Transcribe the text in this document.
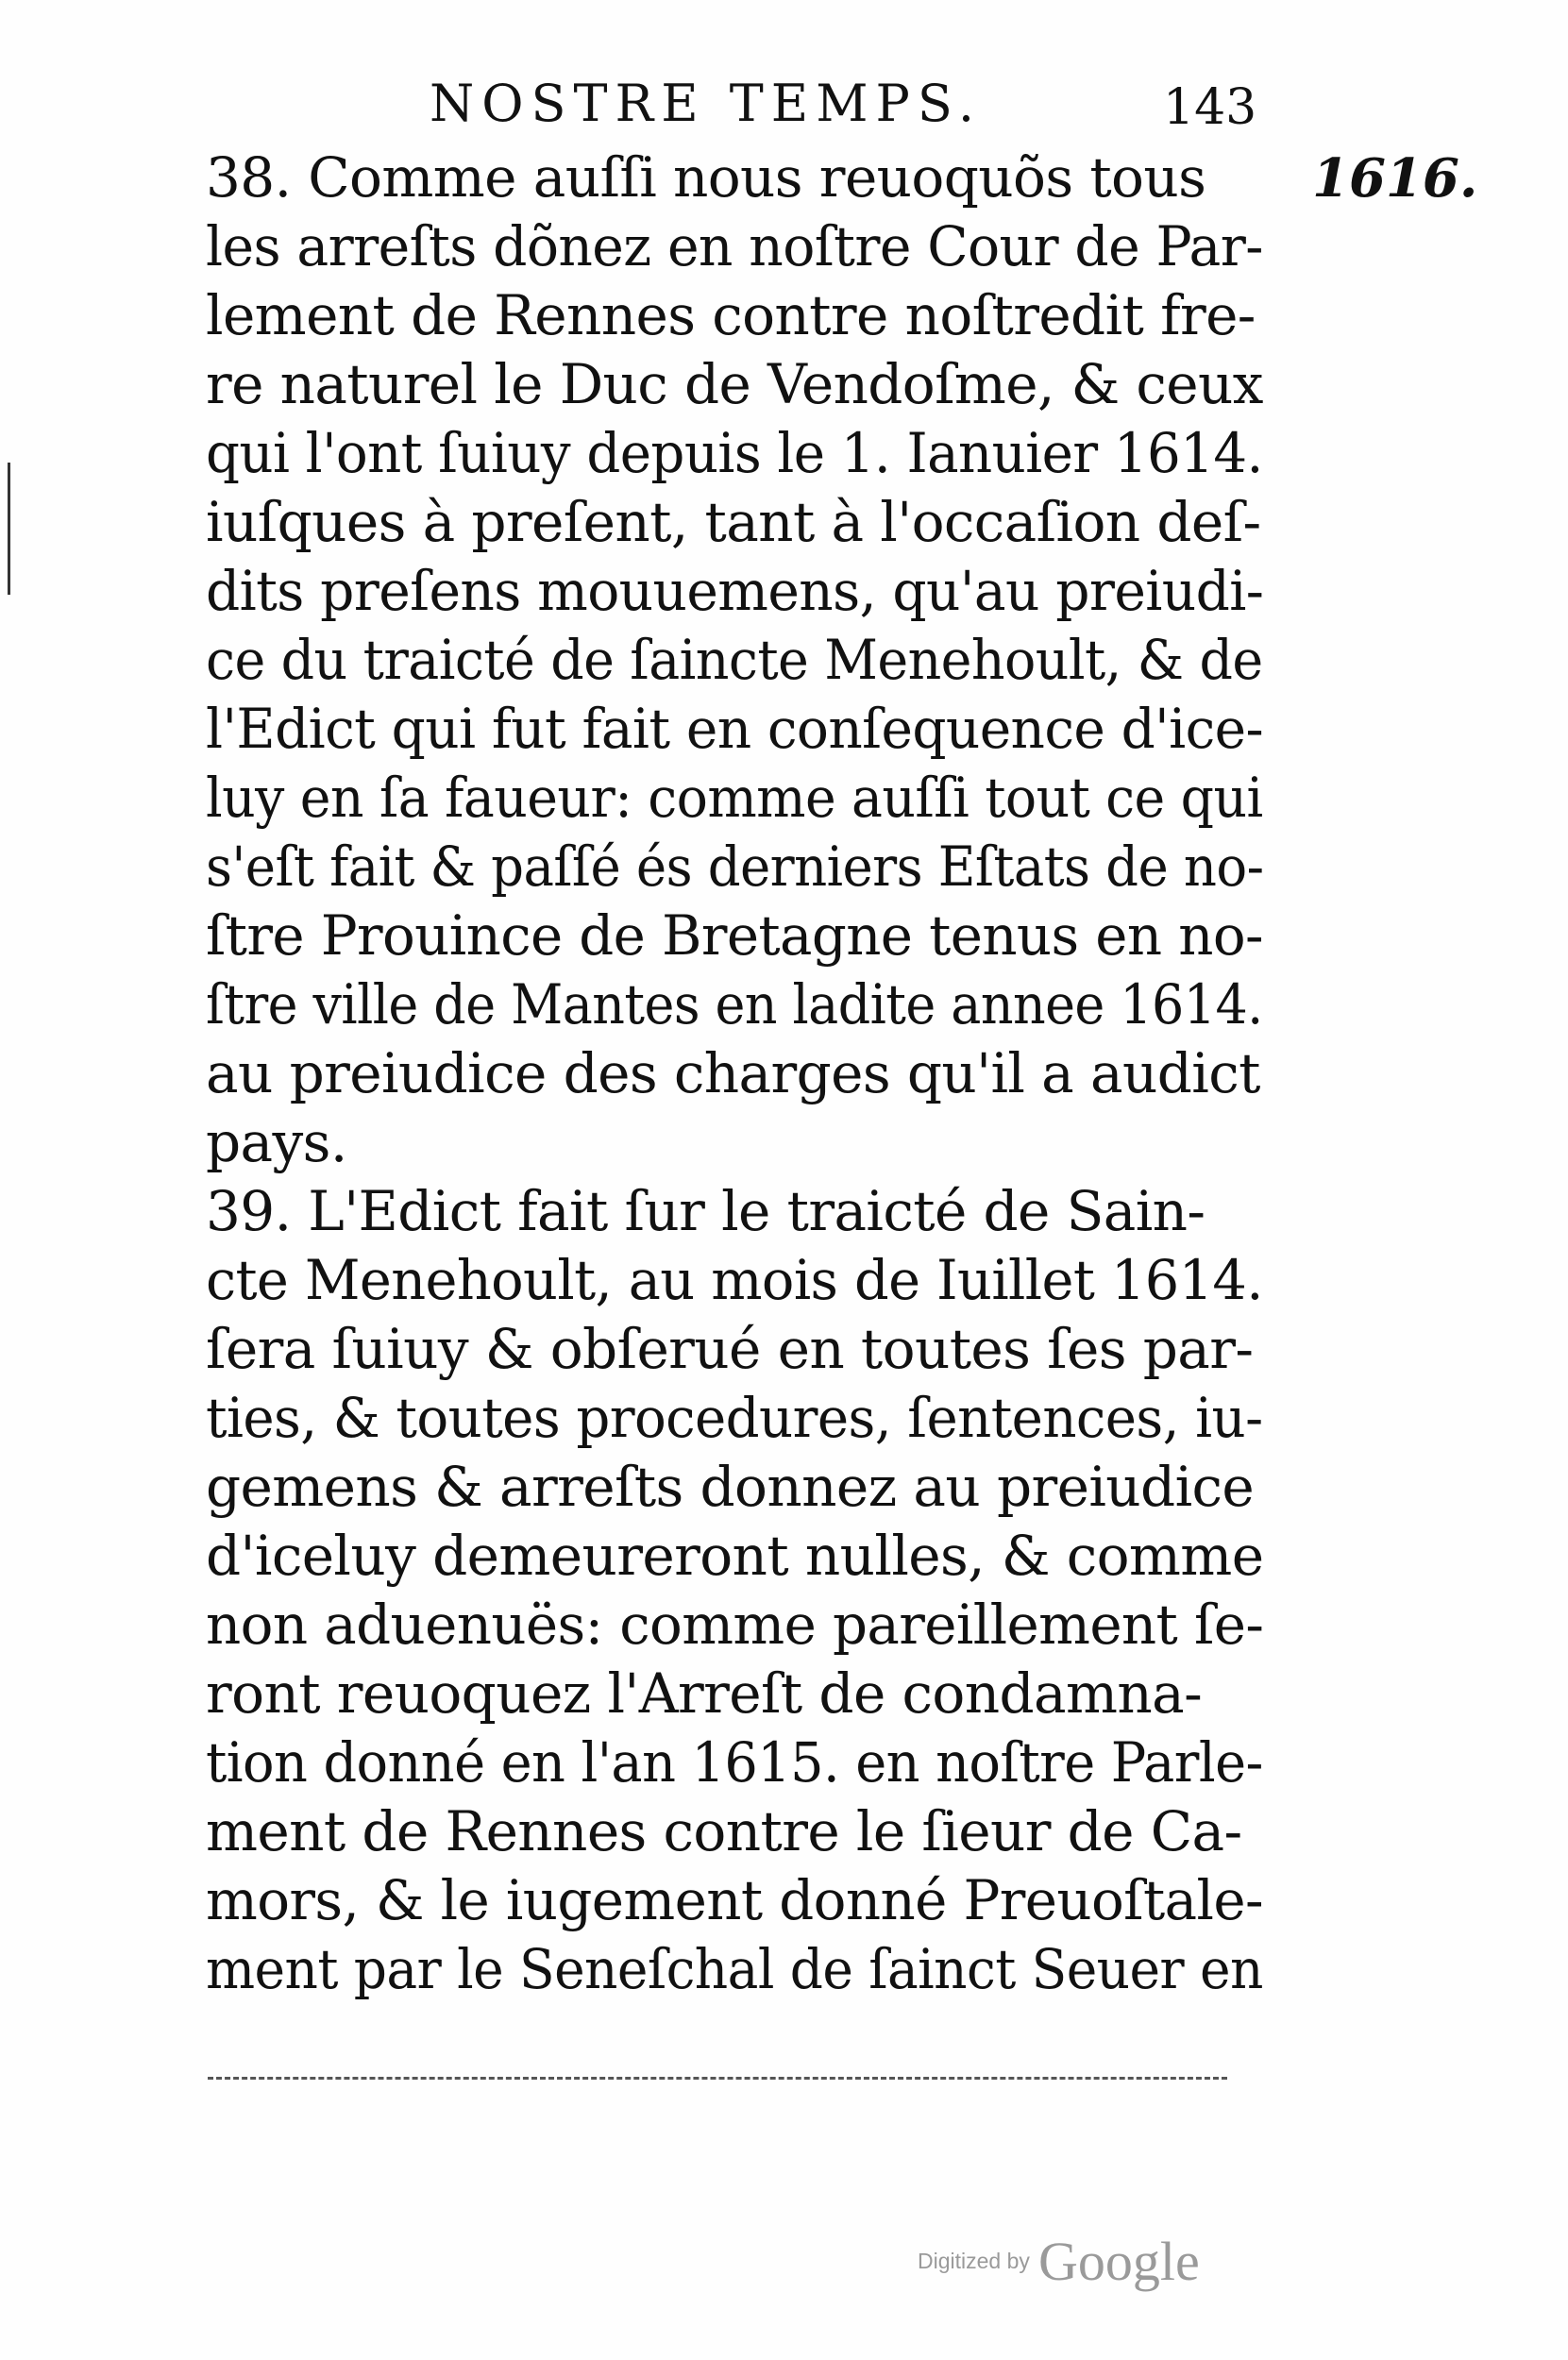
NOSTRE TEMPS.	143
1616.
38. Comme auſſi nous reuoquõs tous
les arreſts dõnez en noſtre Cour de Par-
lement de Rennes contre noſtredit fre-
re naturel le Duc de Vendoſme, & ceux
qui l'ont ſuiuy depuis le 1. Ianuier 1614.
iuſques à preſent, tant à l'occaſion deſ-
dits preſens mouuemens, qu'au preiudi-
ce du traicté de ſaincte Menehoult, & de
l'Edict qui fut fait en conſequence d'ice-
luy en ſa faueur: comme auſſi tout ce qui
s'eſt fait & paſſé és derniers Eſtats de no-
ſtre Prouince de Bretagne tenus en no-
ſtre ville de Mantes en ladite annee 1614.
au preiudice des charges qu'il a audict
pays.
39. L'Edict fait ſur le traicté de Sain-
cte Menehoult, au mois de Iuillet 1614.
ſera ſuiuy & obſerué en toutes ſes par-
ties, & toutes procedures, ſentences, iu-
gemens & arreſts donnez au preiudice
d'iceluy demeureront nulles, & comme
non aduenuës: comme pareillement ſe-
ront reuoquez l'Arreſt de condamna-
tion donné en l'an 1615. en noſtre Parle-
ment de Rennes contre le ſieur de Ca-
mors, & le iugement donné Preuoſtale-
ment par le Seneſchal de ſainct Seuer en
Digitized by Google
